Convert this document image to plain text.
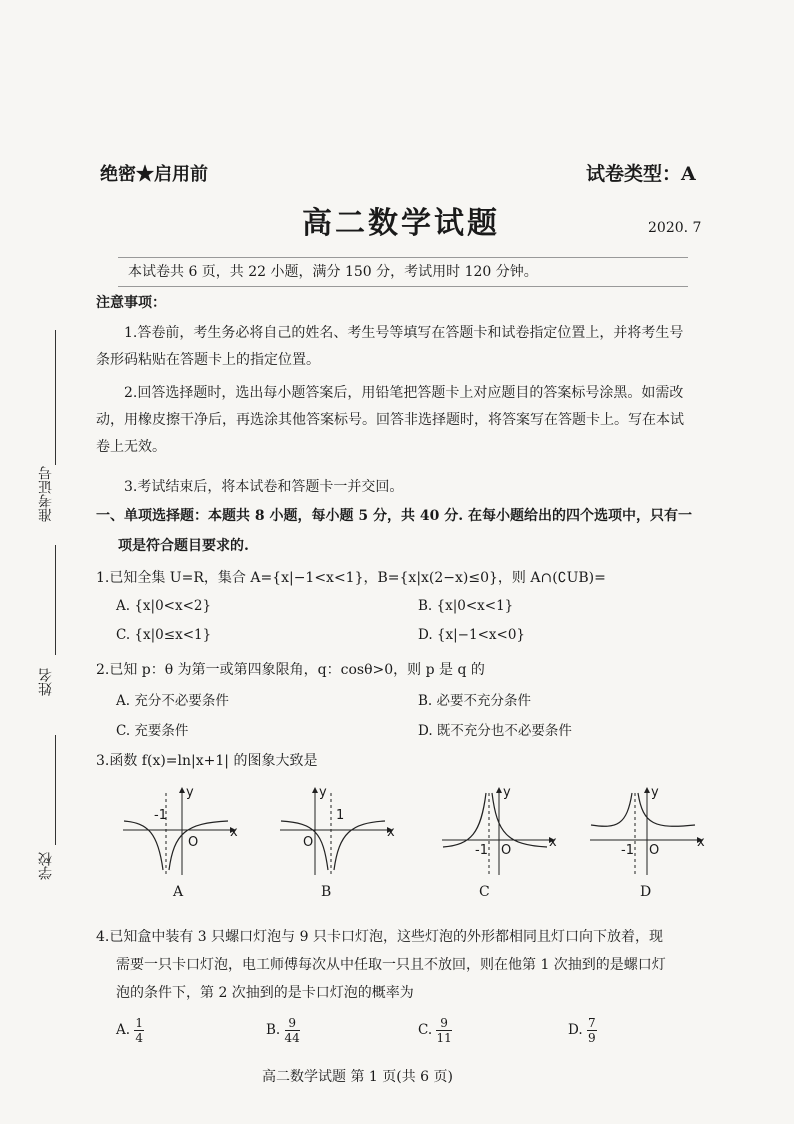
准考证号
姓名
学校
绝密★启用前	试卷类型：A
高二数学试题	2020. 7
本试卷共 6 页，共 22 小题，满分 150 分，考试用时 120 分钟。
注意事项：
1.答卷前，考生务必将自己的姓名、考生号等填写在答题卡和试卷指定位置上，并将考生号条形码粘贴在答题卡上的指定位置。
2.回答选择题时，选出每小题答案后，用铅笔把答题卡上对应题目的答案标号涂黑。如需改动，用橡皮擦干净后，再选涂其他答案标号。回答非选择题时，将答案写在答题卡上。写在本试卷上无效。
3.考试结束后，将本试卷和答题卡一并交回。
一、单项选择题：本题共 8 小题，每小题 5 分，共 40 分. 在每小题给出的四个选项中，只有一
项是符合题目要求的.
1.已知全集 U=R，集合 A={x|−1<x<1}，B={x|x(2−x)≤0}，则 A∩(∁UB)=
A. {x|0<x<2}	B. {x|0<x<1}
C. {x|0≤x<1}	D. {x|−1<x<0}
2.已知 p：θ 为第一或第四象限角，q：cosθ>0，则 p 是 q 的
A. 充分不必要条件	B. 必要不充分条件
C. 充要条件	D. 既不充分也不必要条件
3.函数 f(x)=ln|x+1| 的图象大致是
y
x
O
-1
A
y
x
O
1
B
y
x
O
-1
C
y
x
O
-1
D
4.已知盒中装有 3 只螺口灯泡与 9 只卡口灯泡，这些灯泡的外形都相同且灯口向下放着，现
需要一只卡口灯泡，电工师傅每次从中任取一只且不放回，则在他第 1 次抽到的是螺口灯
泡的条件下，第 2 次抽到的是卡口灯泡的概率为
A. $\frac{1}{4}$	B. $\frac{9}{44}$	C. $\frac{9}{11}$	D. $\frac{7}{9}$
高二数学试题 第 1 页(共 6 页)
